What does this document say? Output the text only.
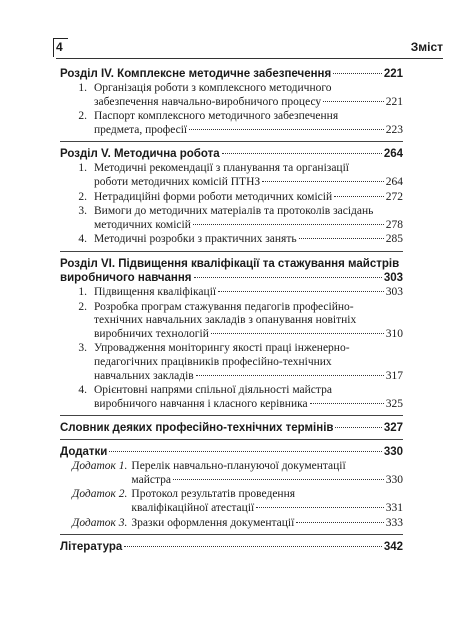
4	Зміст
Розділ IV. Комплексне методичне забезпечення	221
1. Організація роботи з комплексного методичного
забезпечення навчально-виробничого процесу	221
2. Паспорт комплексного методичного забезпечення
предмета, професії	223
Розділ V. Методична робота	264
1. Методичні рекомендації з планування та організації
роботи методичних комісій ПТНЗ	264
2. Нетрадиційні форми роботи методичних комісій	272
3. Вимоги до методичних матеріалів та протоколів засідань
методичних комісій	278
4. Методичні розробки з практичних занять	285
Розділ VI. Підвищення кваліфікації та стажування майстрів
виробничого навчання	303
1. Підвищення кваліфікації	303
2. Розробка програм стажування педагогів професійно-
технічних навчальних закладів з опанування новітніх
виробничих технологій	310
3. Упровадження моніторингу якості праці інженерно-
педагогічних працівників професійно-технічних
навчальних закладів	317
4. Орієнтовні напрями спільної діяльності майстра
виробничого навчання і класного керівника	325
Словник деяких професійно-технічних термінів	327
Додатки	330
Додаток 1. Перелік навчально-плануючої документації
майстра	330
Додаток 2. Протокол результатів проведення
кваліфікаційної атестації	331
Додаток 3. Зразки оформлення документації	333
Література	342
